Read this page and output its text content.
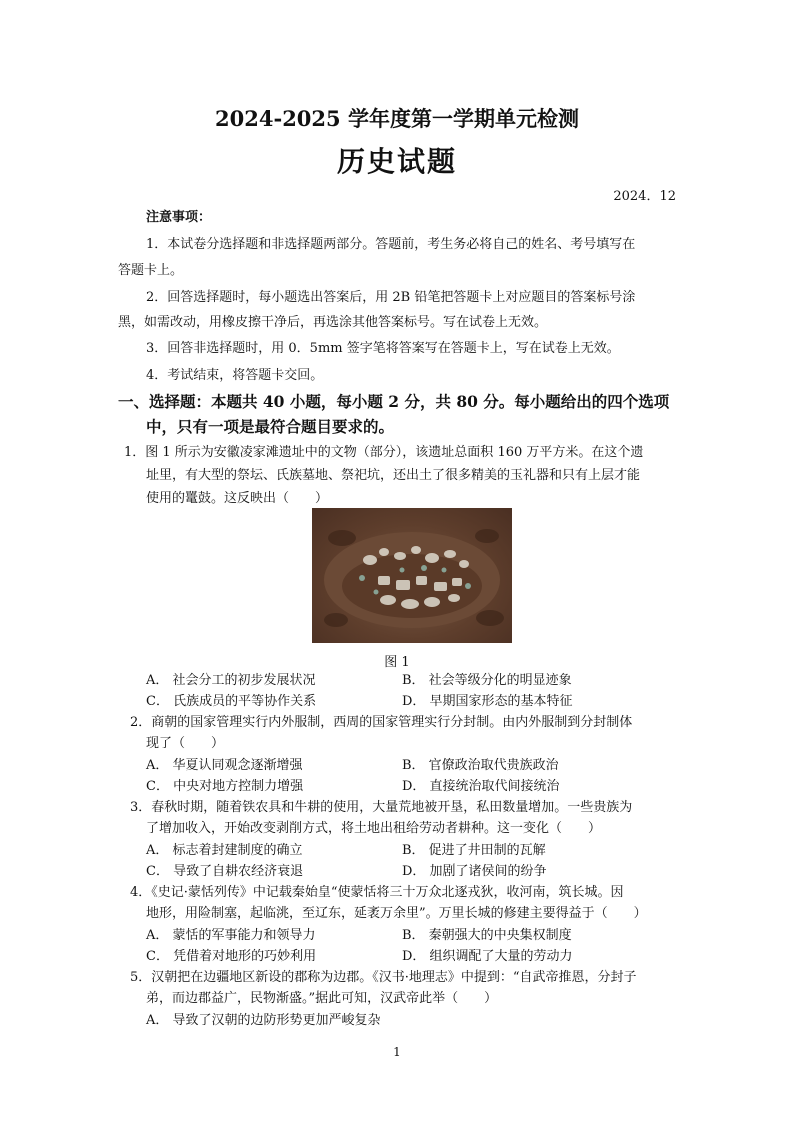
2024-2025 学年度第一学期单元检测
历史试题
2024．12
注意事项：
1．本试卷分选择题和非选择题两部分。答题前，考生务必将自己的姓名、考号填写在
答题卡上。
2．回答选择题时，每小题选出答案后，用 2B 铅笔把答题卡上对应题目的答案标号涂
黑，如需改动，用橡皮擦干净后，再选涂其他答案标号。写在试卷上无效。
3．回答非选择题时，用 0．5mm 签字笔将答案写在答题卡上，写在试卷上无效。
4．考试结束，将答题卡交回。
一、选择题：本题共 40 小题，每小题 2 分，共 80 分。每小题给出的四个选项
中，只有一项是最符合题目要求的。
1．图 1 所示为安徽凌家滩遗址中的文物（部分），该遗址总面积 160 万平方米。在这个遗
址里，有大型的祭坛、氏族墓地、祭祀坑，还出土了很多精美的玉礼器和只有上层才能
使用的鼍鼓。这反映出（　　）
图 1
A． 社会分工的初步发展状况	B． 社会等级分化的明显迹象
C． 氏族成员的平等协作关系	D． 早期国家形态的基本特征
2．商朝的国家管理实行内外服制，西周的国家管理实行分封制。由内外服制到分封制体
现了（　　）
A． 华夏认同观念逐渐增强	B． 官僚政治取代贵族政治
C． 中央对地方控制力增强	D． 直接统治取代间接统治
3．春秋时期，随着铁农具和牛耕的使用，大量荒地被开垦，私田数量增加。一些贵族为
了增加收入，开始改变剥削方式，将土地出租给劳动者耕种。这一变化（　　）
A． 标志着封建制度的确立	B． 促进了井田制的瓦解
C． 导致了自耕农经济衰退	D． 加剧了诸侯间的纷争
4．《史记·蒙恬列传》中记载秦始皇“使蒙恬将三十万众北逐戎狄，收河南，筑长城。因
地形，用险制塞，起临洮，至辽东，延袤万余里”。万里长城的修建主要得益于（　　）
A． 蒙恬的军事能力和领导力	B． 秦朝强大的中央集权制度
C． 凭借着对地形的巧妙利用	D． 组织调配了大量的劳动力
5．汉朝把在边疆地区新设的郡称为边郡。《汉书·地理志》中提到：“自武帝推恩，分封子
弟，而边郡益广，民物渐盛。”据此可知，汉武帝此举（　　）
A． 导致了汉朝的边防形势更加严峻复杂
1
